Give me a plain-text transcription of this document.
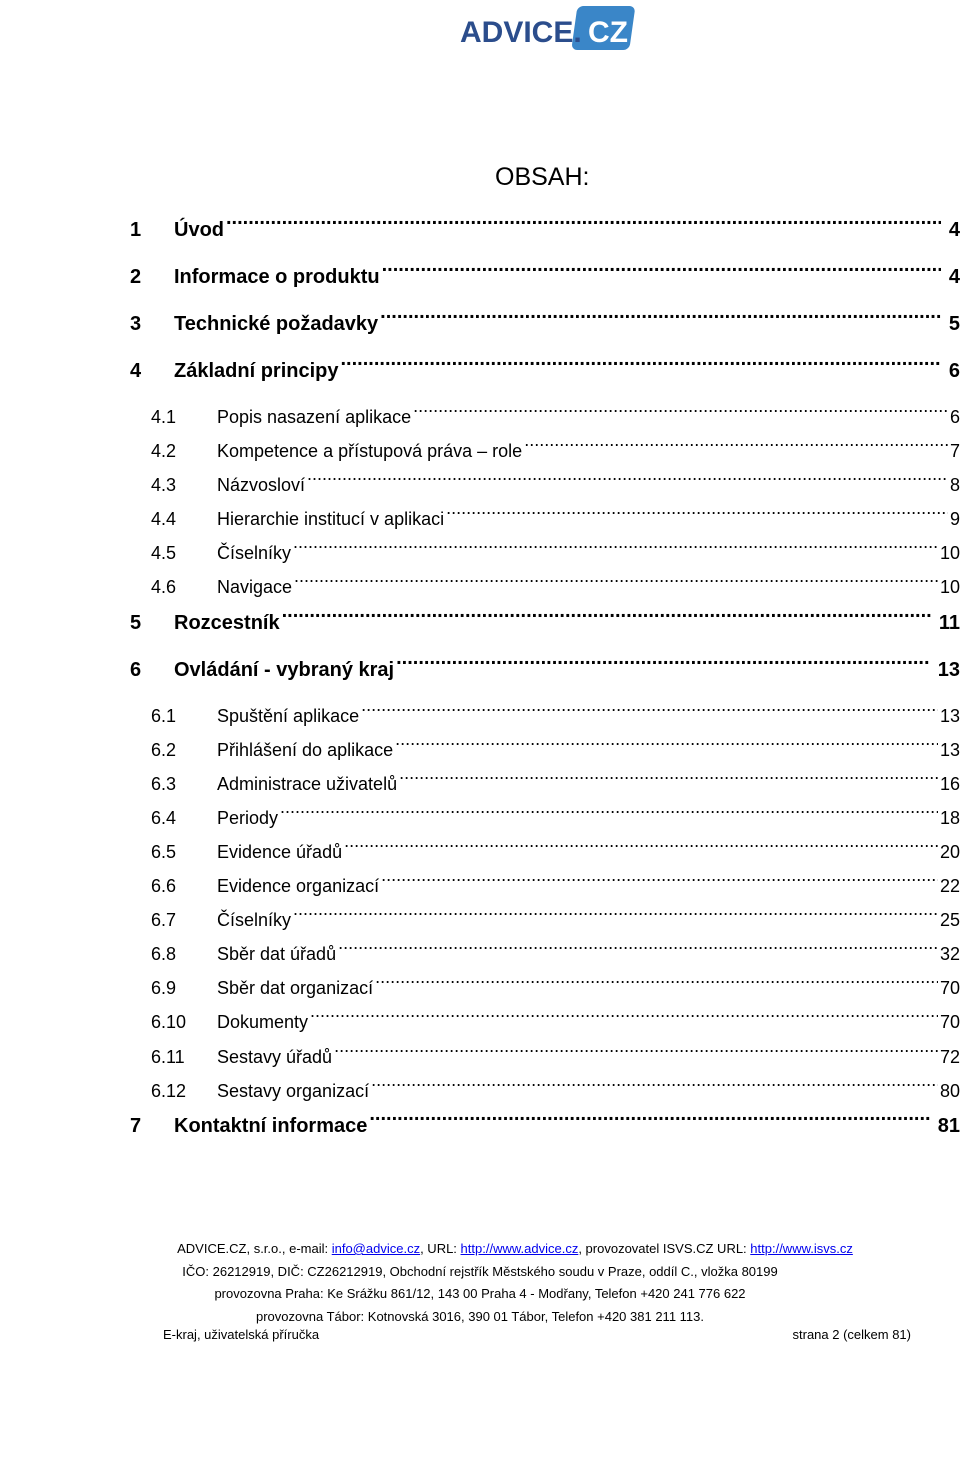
ADVICE. CZ
OBSAH:
1	Úvod .....	4
2	Informace o produktu .....	4
3	Technické požadavky .....	5
4	Základní principy .....	6
4.1	Popis nasazení aplikace .....	6
4.2	Kompetence a přístupová práva – role .....	7
4.3	Názvosloví .....	8
4.4	Hierarchie institucí v aplikaci .....	9
4.5	Číselníky .....	10
4.6	Navigace .....	10
5	Rozcestník .....	11
6	Ovládání - vybraný kraj .....	13
6.1	Spuštění aplikace .....	13
6.2	Přihlášení do aplikace .....	13
6.3	Administrace uživatelů .....	16
6.4	Periody .....	18
6.5	Evidence úřadů .....	20
6.6	Evidence organizací .....	22
6.7	Číselníky .....	25
6.8	Sběr dat úřadů .....	32
6.9	Sběr dat organizací .....	70
6.10	Dokumenty .....	70
6.11	Sestavy úřadů .....	72
6.12	Sestavy organizací .....	80
7	Kontaktní informace .....	81
ADVICE.CZ, s.r.o., e-mail: info@advice.cz, URL: http://www.advice.cz, provozovatel ISVS.CZ URL: http://www.isvs.cz
IČO: 26212919, DIČ: CZ26212919, Obchodní rejstřík Městského soudu v Praze, oddíl C., vložka 80199
provozovna Praha: Ke Srážku 861/12, 143 00 Praha 4 - Modřany, Telefon +420 241 776 622
provozovna Tábor: Kotnovská 3016, 390 01 Tábor, Telefon +420 381 211 113.
E-kraj, uživatelská příručka	strana 2 (celkem 81)
